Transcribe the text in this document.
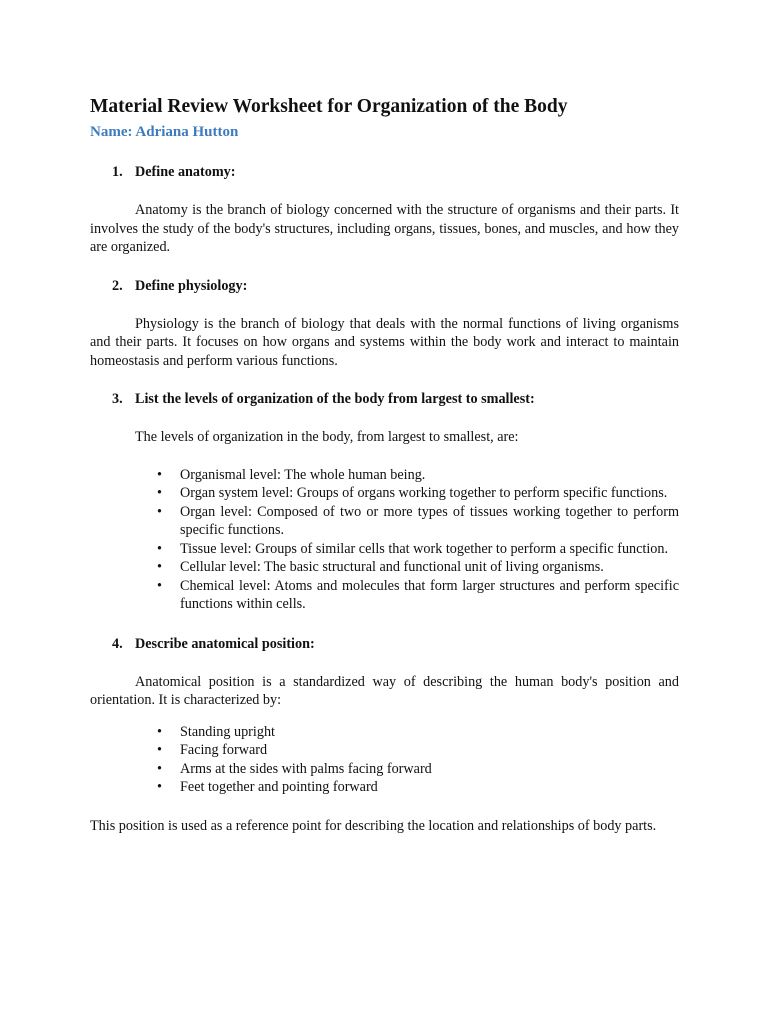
Material Review Worksheet for Organization of the Body
Name: Adriana Hutton
1. Define anatomy:

Anatomy is the branch of biology concerned with the structure of organisms and their parts. It involves the study of the body's structures, including organs, tissues, bones, and muscles, and how they are organized.

2. Define physiology:

Physiology is the branch of biology that deals with the normal functions of living organisms and their parts. It focuses on how organs and systems within the body work and interact to maintain homeostasis and perform various functions.

3. List the levels of organization of the body from largest to smallest:
The levels of organization in the body, from largest to smallest, are:
• Organismal level: The whole human being.
• Organ system level: Groups of organs working together to perform specific functions.
• Organ level: Composed of two or more types of tissues working together to perform specific functions.
• Tissue level: Groups of similar cells that work together to perform a specific function.
• Cellular level: The basic structural and functional unit of living organisms.
• Chemical level: Atoms and molecules that form larger structures and perform specific functions within cells.
4. Describe anatomical position:

Anatomical position is a standardized way of describing the human body's position and orientation. It is characterized by:

• Standing upright
• Facing forward
• Arms at the sides with palms facing forward
• Feet together and pointing forward

This position is used as a reference point for describing the location and relationships of body parts.
